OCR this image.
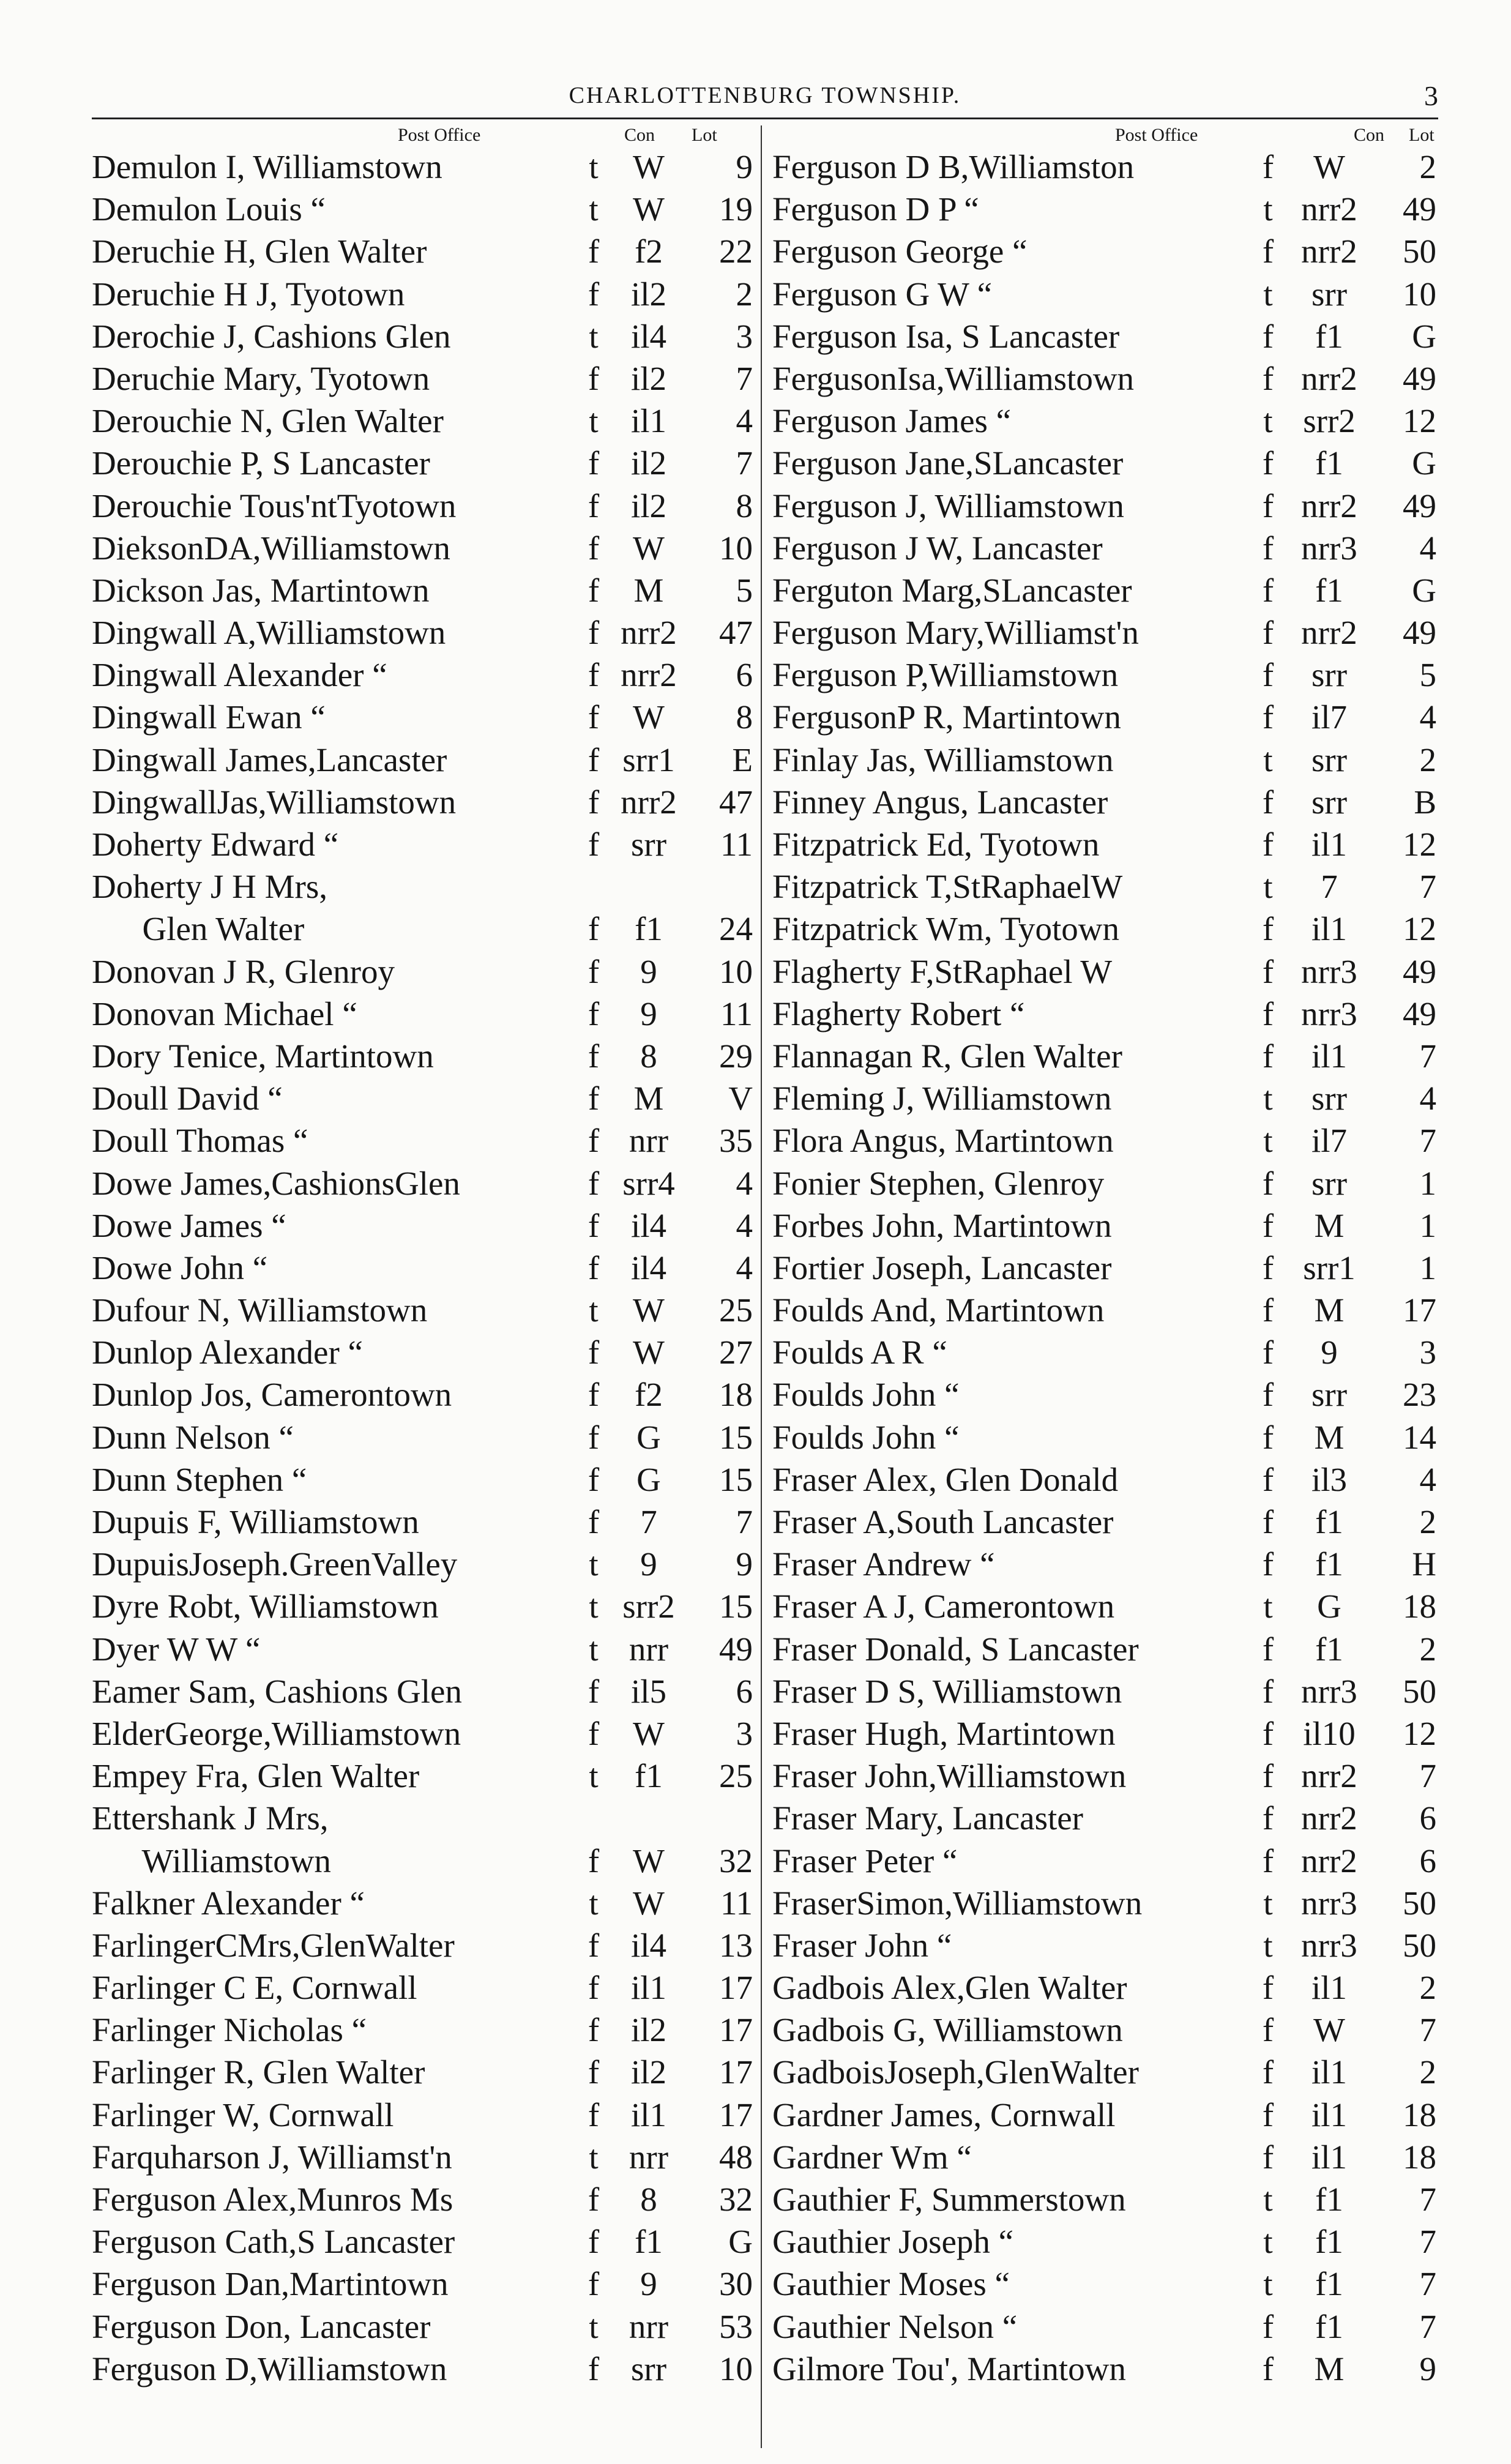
CHARLOTTENBURG TOWNSHIP.	3
Post Office	Con Lot
Demulon I, Williamstown	t	W	9
Demulon Louis “	t	W	19
Deruchie H, Glen Walter	f	f2	22
Deruchie H J, Tyotown	f il2	2
Derochie J, Cashions Glen	t il4	3
Deruchie Mary, Tyotown	f il2	7
Derouchie N, Glen Walter	t il1	4
Derouchie P, S Lancaster	f il2	7
Derouchie Tous'ntTyotown	f il2	8
DieksonDA,Williamstown	f W	10
Dickson Jas, Martintown	f	M	5
Dingwall A,Williamstown	f nrr2	47
Dingwall Alexander “	f nrr2	6
Dingwall Ewan “	f W	8
Dingwall James,Lancaster	f srr1	E
DingwallJas,Williamstown	f nrr2	47
Doherty Edward “	f srr	11
Doherty J H Mrs,
Glen Walter	f	f1	24
Donovan J R, Glenroy	f	9	10
Donovan Michael “	f	9	11
Dory Tenice, Martintown	f	8	29
Doull David “	f	M	V
Doull Thomas “	f nrr	35
Dowe James,CashionsGlen	f srr4	4
Dowe James “	f il4	4
Dowe John “	f il4	4
Dufour N, Williamstown	t	W	25
Dunlop Alexander “	f W	27
Dunlop Jos, Camerontown	f	f2	18
Dunn Nelson “	f	G	15
Dunn Stephen “	f	G	15
Dupuis F, Williamstown	f	7	7
DupuisJoseph.GreenValley	t	9	9
Dyre Robt, Williamstown	t srr2	15
Dyer W W “	t nrr	49
Eamer Sam, Cashions Glen	f il5	6
ElderGeorge,Williamstown	f W	3
Empey Fra, Glen Walter	t	f1	25
Ettershank J Mrs,
Williamstown	f W	32
Falkner Alexander “	t	W	11
FarlingerCMrs,GlenWalter	f il4	13
Farlinger C E, Cornwall	f il1	17
Farlinger Nicholas “	f il2	17
Farlinger R, Glen Walter	f il2	17
Farlinger W, Cornwall	f il1	17
Farquharson J, Williamst'n	t nrr	48
Ferguson Alex,Munros Ms	f	8	32
Ferguson Cath,S Lancaster	f	f1	G
Ferguson Dan,Martintown	f	9	30
Ferguson Don, Lancaster	t nrr	53
Ferguson D,Williamstown	f srr	10
Post Office	Con Lot
Ferguson D B,Williamston	f	W	2
Ferguson D P “	t nrr2	49
Ferguson George “	f nrr2	50
Ferguson G W “	t	srr	10
Ferguson Isa, S Lancaster	f	f1	G
FergusonIsa,Williamstown	f nrr2	49
Ferguson James “	t srr2	12
Ferguson Jane,SLancaster	f	f1	G
Ferguson J, Williamstown	f nrr2	49
Ferguson J W, Lancaster	f nrr3	4
Ferguton Marg,SLancaster	f	f1	G
Ferguson Mary,Williamst'n	f nrr2	49
Ferguson P,Williamstown	f	srr	5
FergusonP R, Martintown	f	il7	4
Finlay Jas, Williamstown	t	srr	2
Finney Angus, Lancaster	f	srr	B
Fitzpatrick Ed, Tyotown	f	il1	12
Fitzpatrick T,StRaphaelW	t	7	7
Fitzpatrick Wm, Tyotown	f	il1	12
Flagherty F,StRaphael W	f nrr3	49
Flagherty Robert “	f nrr3	49
Flannagan R, Glen Walter	f	il1	7
Fleming J, Williamstown	t	srr	4
Flora Angus, Martintown	t	il7	7
Fonier Stephen, Glenroy	f	srr	1
Forbes John, Martintown	f	M	1
Fortier Joseph, Lancaster	f srr1	1
Foulds And, Martintown	f	M	17
Foulds A R “	f	9	3
Foulds John “	f	srr	23
Foulds John “	f	M	14
Fraser Alex, Glen Donald	f	il3	4
Fraser A,South Lancaster	f	f1	2
Fraser Andrew “	f	f1	H
Fraser A J, Camerontown	t	G	18
Fraser Donald, S Lancaster	f	f1	2
Fraser D S, Williamstown	f nrr3	50
Fraser Hugh, Martintown	f il10	12
Fraser John,Williamstown	f nrr2	7
Fraser Mary, Lancaster	f nrr2	6
Fraser Peter “	f nrr2	6
FraserSimon,Williamstown	t nrr3	50
Fraser John “	t nrr3	50
Gadbois Alex,Glen Walter	f	il1	2
Gadbois G, Williamstown	f	W	7
GadboisJoseph,GlenWalter	f	il1	2
Gardner James, Cornwall	f	il1	18
Gardner Wm “	f	il1	18
Gauthier F, Summerstown	t	f1	7
Gauthier Joseph “	t	f1	7
Gauthier Moses “	t	f1	7
Gauthier Nelson “	f	f1	7
Gilmore Tou', Martintown	f	M	9
